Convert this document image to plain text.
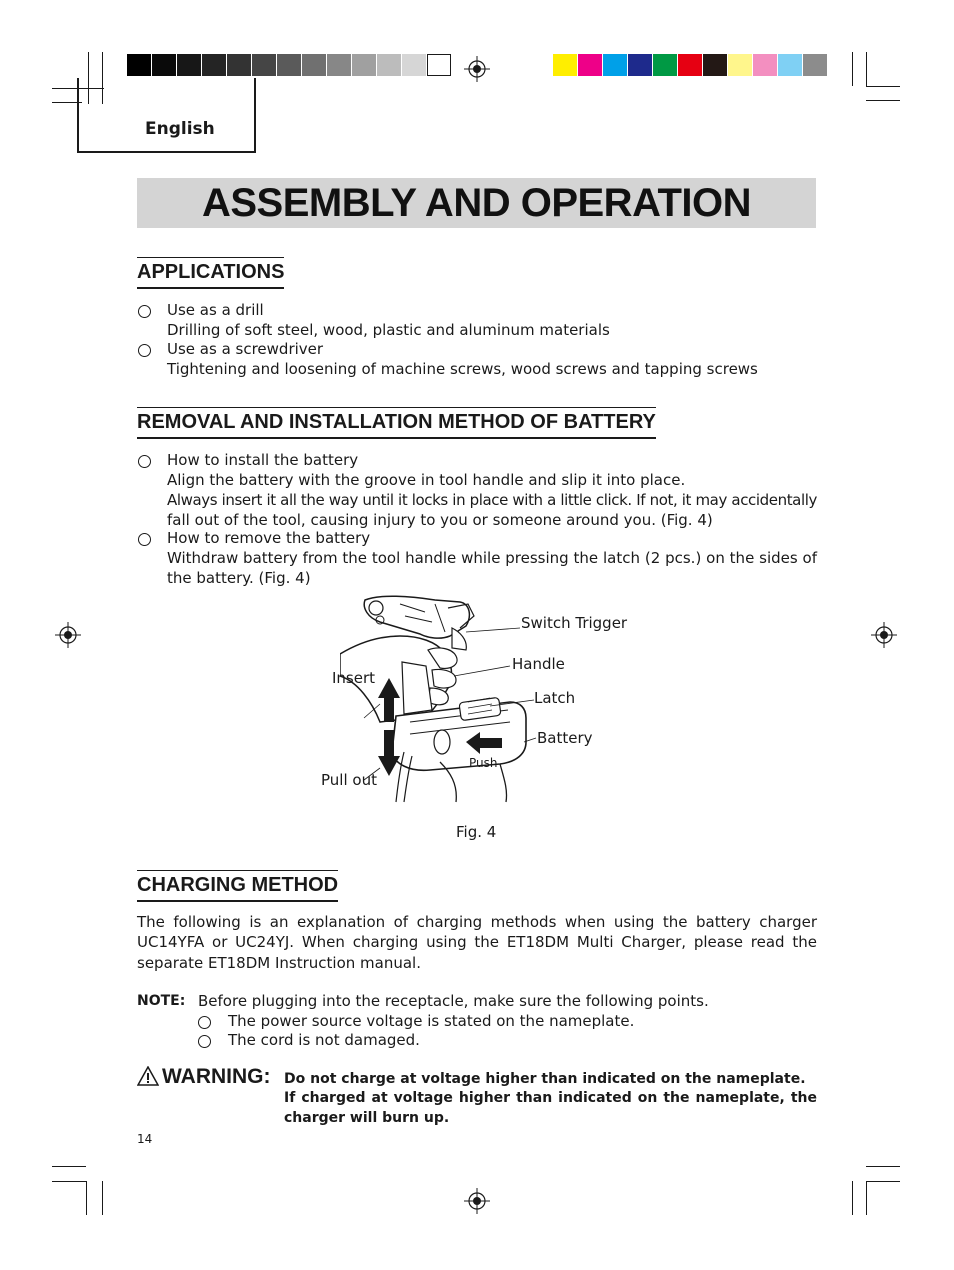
English
ASSEMBLY AND OPERATION
APPLICATIONS
Use as a drill
Drilling of soft steel, wood, plastic and aluminum materials
Use as a screwdriver
Tightening and loosening of machine screws, wood screws and tapping screws
REMOVAL AND INSTALLATION METHOD OF BATTERY
How to install the battery
Align the battery with the groove in tool handle and slip it into place.
Always insert it all the way until it locks in place with a little click. If not, it may accidentally
fall out of the tool, causing injury to you or someone around you. (Fig. 4)
How to remove the battery
Withdraw battery from the tool handle while pressing the latch (2 pcs.) on the sides of
the battery. (Fig. 4)
Switch Trigger
Handle
Insert
Latch
Battery
Push
Pull out
Fig. 4
CHARGING METHOD
The following is an explanation of charging methods when using the battery charger
UC14YFA or UC24YJ. When charging using the ET18DM Multi Charger, please read the
separate ET18DM Instruction manual.
NOTE: Before plugging into the receptacle, make sure the following points.
The power source voltage is stated on the nameplate.
The cord is not damaged.
WARNING: Do not charge at voltage higher than indicated on the nameplate.
If charged at voltage higher than indicated on the nameplate, the
charger will burn up.
14
